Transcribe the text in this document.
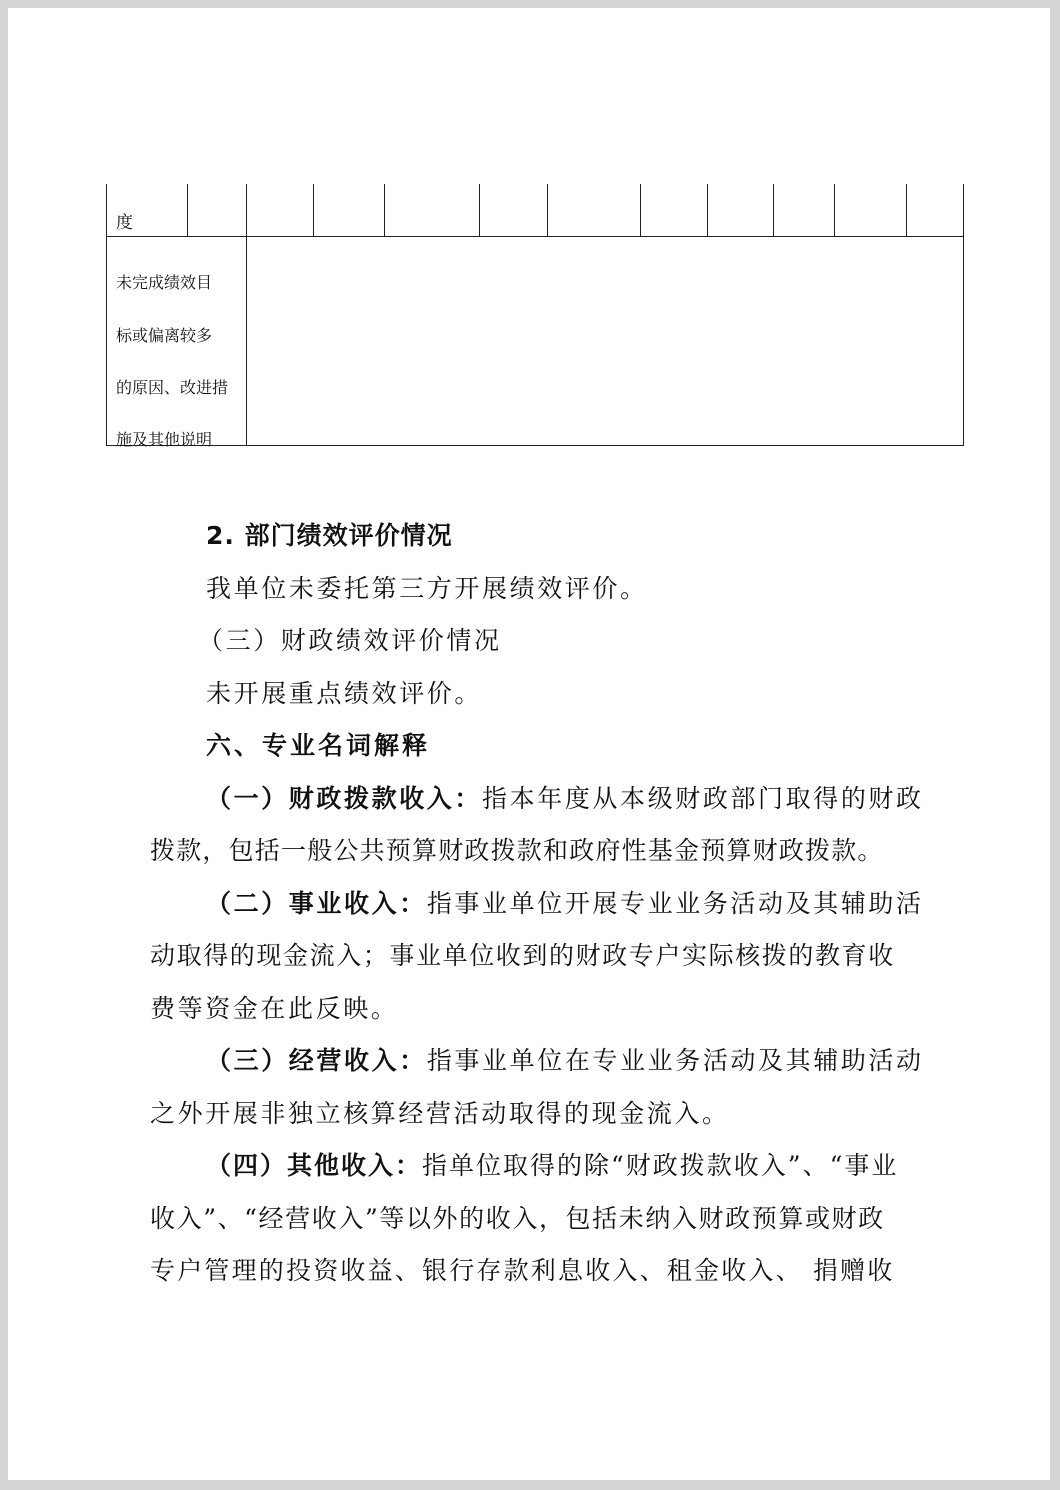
度
未完成绩效目
标或偏离较多
的原因、改进措
施及其他说明
2. 部门绩效评价情况
我单位未委托第三方开展绩效评价。
（三）财政绩效评价情况
未开展重点绩效评价。
六、专业名词解释
（一）财政拨款收入：指本年度从本级财政部门取得的财政
拨款，包括一般公共预算财政拨款和政府性基金预算财政拨款。
（二）事业收入：指事业单位开展专业业务活动及其辅助活
动取得的现金流入；事业单位收到的财政专户实际核拨的教育收
费等资金在此反映。
（三）经营收入：指事业单位在专业业务活动及其辅助活动
之外开展非独立核算经营活动取得的现金流入。
（四）其他收入：指单位取得的除“财政拨款收入”、“事业
收入”、“经营收入”等以外的收入，包括未纳入财政预算或财政
专户管理的投资收益、银行存款利息收入、租金收入、 捐赠收
